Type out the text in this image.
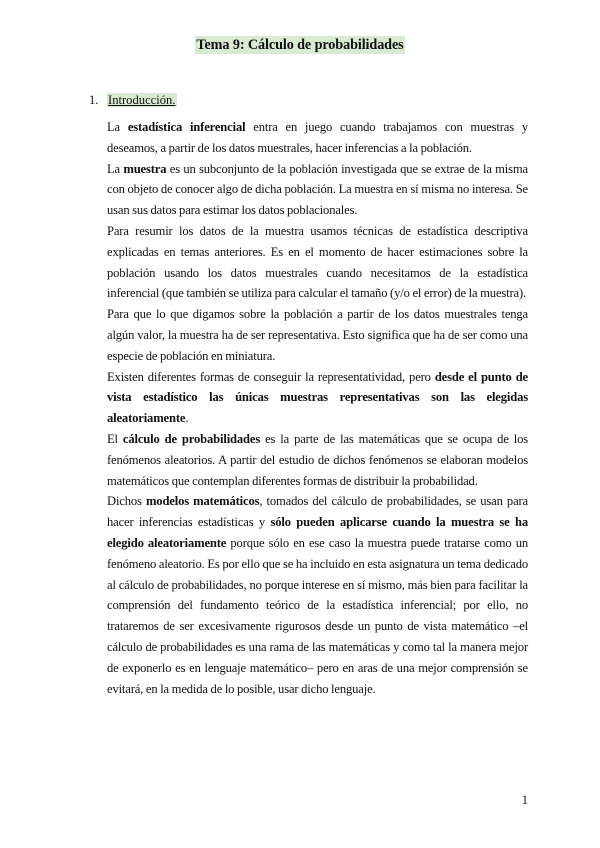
Tema 9: Cálculo de probabilidades
1. Introducción.

La estadística inferencial entra en juego cuando trabajamos con muestras y deseamos, a partir de los datos muestrales, hacer inferencias a la población.

La muestra es un subconjunto de la población investigada que se extrae de la misma con objeto de conocer algo de dicha población. La muestra en sí misma no interesa. Se usan sus datos para estimar los datos poblacionales.

Para resumir los datos de la muestra usamos técnicas de estadística descriptiva explicadas en temas anteriores. Es en el momento de hacer estimaciones sobre la población usando los datos muestrales cuando necesitamos de la estadística inferencial (que también se utiliza para calcular el tamaño (y/o el error) de la muestra).

Para que lo que digamos sobre la población a partir de los datos muestrales tenga algún valor, la muestra ha de ser representativa. Esto significa que ha de ser como una especie de población en miniatura.

Existen diferentes formas de conseguir la representatividad, pero desde el punto de vista estadístico las únicas muestras representativas son las elegidas aleatoriamente.

El cálculo de probabilidades es la parte de las matemáticas que se ocupa de los fenómenos aleatorios. A partir del estudio de dichos fenómenos se elaboran modelos matemáticos que contemplan diferentes formas de distribuir la probabilidad.

Dichos modelos matemáticos, tomados del cálculo de probabilidades, se usan para hacer inferencias estadísticas y sólo pueden aplicarse cuando la muestra se ha elegido aleatoriamente porque sólo en ese caso la muestra puede tratarse como un fenómeno aleatorio. Es por ello que se ha incluido en esta asignatura un tema dedicado al cálculo de probabilidades, no porque interese en sí mismo, más bien para facilitar la comprensión del fundamento teórico de la estadística inferencial; por ello, no trataremos de ser excesivamente rigurosos desde un punto de vista matemático –el cálculo de probabilidades es una rama de las matemáticas y como tal la manera mejor de exponerlo es en lenguaje matemático– pero en aras de una mejor comprensión se evitará, en la medida de lo posible, usar dicho lenguaje.

1
